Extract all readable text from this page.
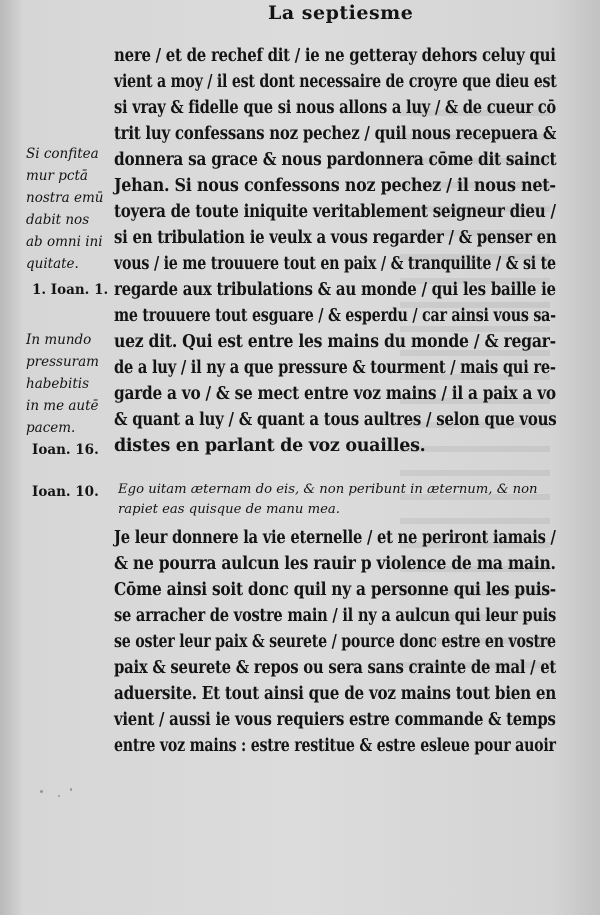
La septiesme
nere / et de rechef dit / ie ne getteray dehors celuy qui
vient a moy / il est dont necessaire de croyre que dieu est
si vray & fidelle que si nous allons a luy / & de cueur cō
trit luy confessans noz pechez / quil nous recepuera &
donnera sa grace & nous pardonnera cōme dit sainct
Jehan. Si nous confessons noz pechez / il nous net-
toyera de toute iniquite veritablement seigneur dieu /
si en tribulation ie veulx a vous regarder / & penser en
vous / ie me trouuere tout en paix / & tranquilite / & si te
regarde aux tribulations & au monde / qui les baille ie
me trouuere tout esguare / & esperdu / car ainsi vous sa-
uez dit. Qui est entre les mains du monde / & regar-
de a luy / il ny a que pressure & tourment / mais qui re-
garde a vo / & se mect entre voz mains / il a paix a vo
& quant a luy / & quant a tous aultres / selon que vous
distes en parlant de voz ouailles.
Si confitea
mur pctā
nostra emū
dabit nos
ab omni ini
quitate.
1. Ioan. 1.
In mundo
pressuram
habebitis
in me autē
pacem.
Ioan. 16.
Ioan. 10. Ego uitam æternam do eis, & non peribunt in æternum, & non rapiet eas quisque de manu mea.
Je leur donnere la vie eternelle / et ne periront iamais /
& ne pourra aulcun les rauir p violence de ma main.
Cōme ainsi soit donc quil ny a personne qui les puis-
se arracher de vostre main / il ny a aulcun qui leur puis
se oster leur paix & seurete / pource donc estre en vostre
paix & seurete & repos ou sera sans crainte de mal / et
aduersite. Et tout ainsi que de voz mains tout bien en
vient / aussi ie vous requiers estre commande & temps
entre voz mains : estre restitue & estre esleue pour auoir
